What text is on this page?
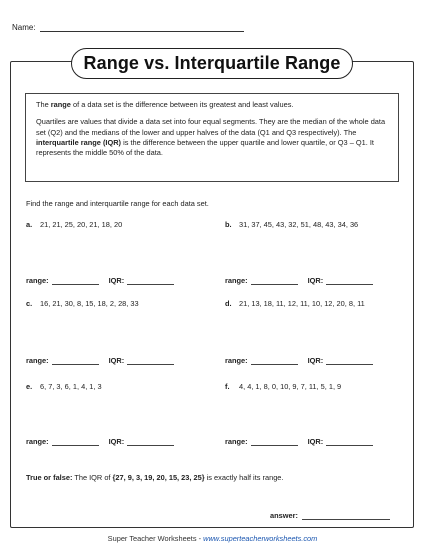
Name:
Range vs. Interquartile Range

The range of a data set is the difference between its greatest and least values.

Quartiles are values that divide a data set into four equal segments. They are the median of the whole data set (Q2) and the medians of the lower and upper halves of the data (Q1 and Q3 respectively). The interquartile range (IQR) is the difference between the upper quartile and lower quartile, or Q3 – Q1. It represents the middle 50% of the data.

Find the range and interquartile range for each data set.
a. 21, 21, 25, 20, 21, 18, 20	b. 31, 37, 45, 43, 32, 51, 48, 43, 34, 36
range:	IQR:	range:	IQR:
c. 16, 21, 30, 8, 15, 18, 2, 28, 33	d. 21, 13, 18, 11, 12, 11, 10, 12, 20, 8, 11
range:	IQR:	range:	IQR:
e. 6, 7, 3, 6, 1, 4, 1, 3	f. 4, 4, 1, 8, 0, 10, 9, 7, 11, 5, 1, 9
range:	IQR:	range:	IQR:
True or false: The IQR of {27, 9, 3, 19, 20, 15, 23, 25} is exactly half its range.
answer:
Super Teacher Worksheets - www.superteacherworksheets.com
